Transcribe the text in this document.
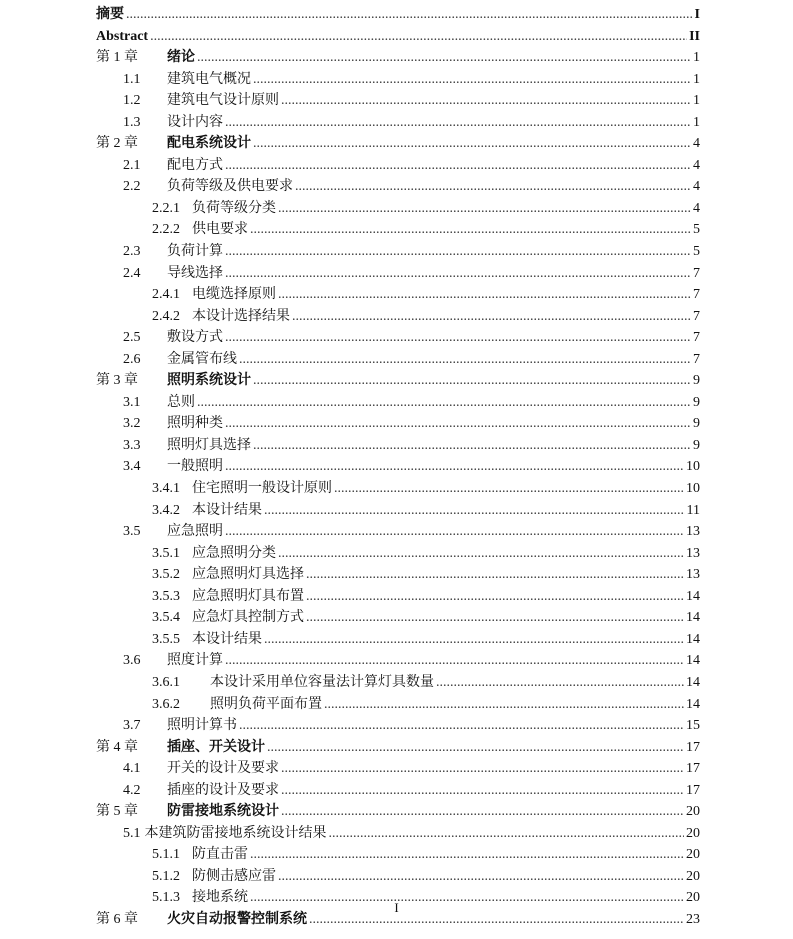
摘要 .....	I
Abstract .....	II
第 1 章	绪论 .....	1
1.1	建筑电气概况 .....	1
1.2	建筑电气设计原则 .....	1
1.3	设计内容 .....	1
第 2 章	配电系统设计 .....	4
2.1	配电方式 .....	4
2.2	负荷等级及供电要求 .....	4
2.2.1 负荷等级分类 .....	4
2.2.2 供电要求 .....	5
2.3	负荷计算 .....	5
2.4	导线选择 .....	7
2.4.1 电缆选择原则 .....	7
2.4.2 本设计选择结果 .....	7
2.5	敷设方式 .....	7
2.6	金属管布线 .....	7
第 3 章	照明系统设计 .....	9
3.1	总则 .....	9
3.2	照明种类 .....	9
3.3	照明灯具选择 .....	9
3.4	一般照明 .....	10
3.4.1 住宅照明一般设计原则 .....	10
3.4.2 本设计结果 .....	11
3.5	应急照明 .....	13
3.5.1 应急照明分类 .....	13
3.5.2 应急照明灯具选择 .....	13
3.5.3 应急照明灯具布置 .....	14
3.5.4 应急灯具控制方式 .....	14
3.5.5 本设计结果 .....	14
3.6	照度计算 .....	14
3.6.1	本设计采用单位容量法计算灯具数量 .....	14
3.6.2	照明负荷平面布置 .....	14
3.7	照明计算书 .....	15
第 4 章	插座、开关设计 .....	17
4.1	开关的设计及要求 .....	17
4.2	插座的设计及要求 .....	17
第 5 章	防雷接地系统设计 .....	20
5.1 本建筑防雷接地系统设计结果 .....	20
5.1.1 防直击雷 .....	20
5.1.2 防侧击感应雷 .....	20
5.1.3 接地系统 .....	20
第 6 章	火灾自动报警控制系统 .....	23
I
